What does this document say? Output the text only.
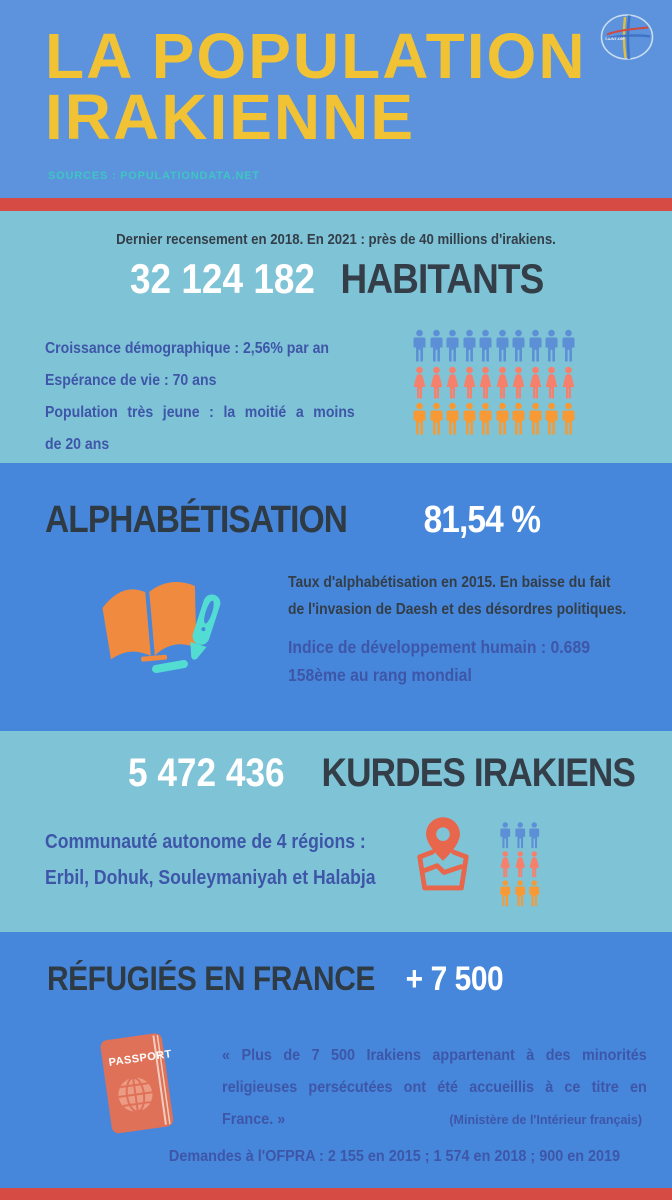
LA POPULATION
IRAKIENNE
SOURCES : POPULATIONDATA.NET
SAINT-DIÉ
Dernier recensement en 2018. En 2021 : près de 40 millions d'irakiens.
32 124 182 HABITANTS
Croissance démographique : 2,56% par an
Espérance de vie : 70 ans
Population très jeune : la moitié a moins
de 20 ans
ALPHABÉTISATION 81,54 %
Taux d'alphabétisation en 2015. En baisse du fait
de l'invasion de Daesh et des désordres politiques.
Indice de développement humain : 0.689
158ème au rang mondial
5 472 436 KURDES IRAKIENS
Communauté autonome de 4 régions :
Erbil, Dohuk, Souleymaniyah et Halabja
RÉFUGIÉS EN FRANCE + 7 500
PASSPORT	« Plus de 7 500 Irakiens appartenant à des minorités
religieuses persécutées ont été accueillis à ce titre en
France. »	(Ministère de l'Intérieur français)
Demandes à l'OFPRA : 2 155 en 2015 ; 1 574 en 2018 ; 900 en 2019
